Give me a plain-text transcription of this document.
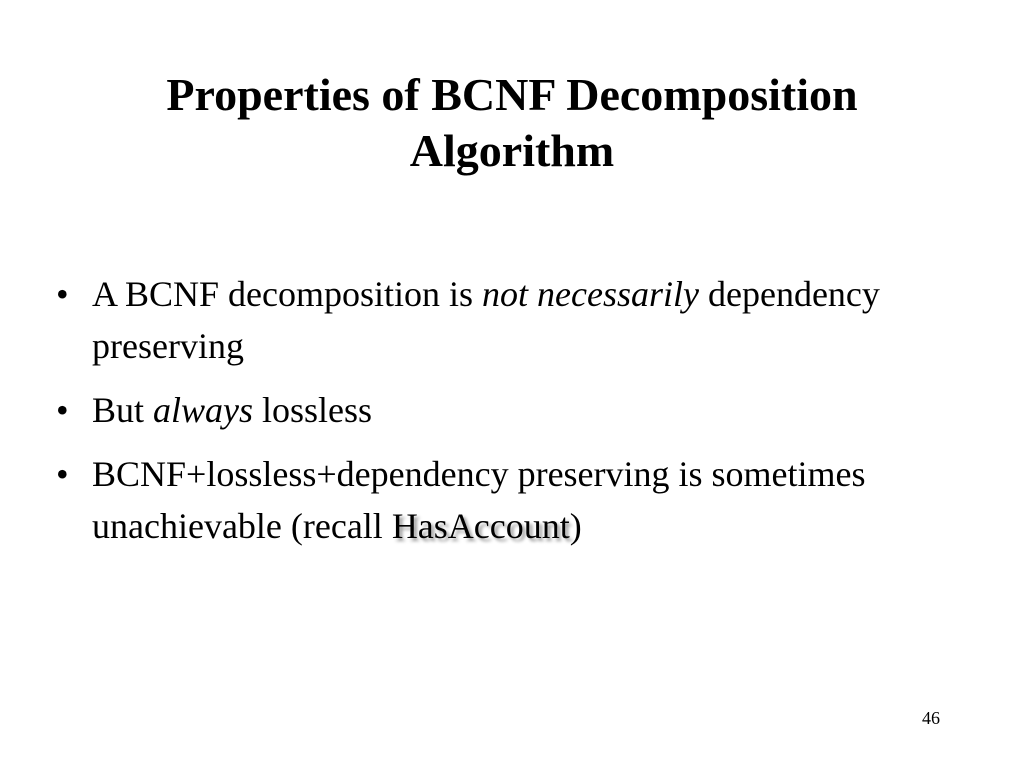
Properties of BCNF Decomposition
Algorithm
• A BCNF decomposition is not necessarily dependency preserving
• But always lossless
• BCNF+lossless+dependency preserving is sometimes unachievable (recall HasAccount)
46
